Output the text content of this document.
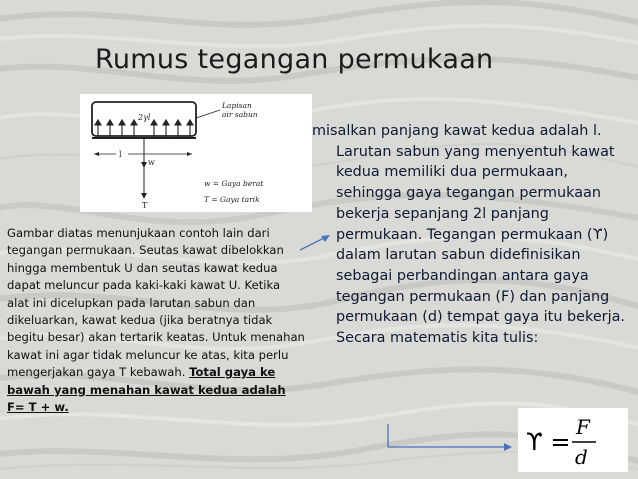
Rumus tegangan permukaan
2γl
Lapisan
air sabun
l
w
T
w = Gaya berat
T = Gaya tarik
Gambar diatas menunjukaan contoh lain dari tegangan permukaan. Seutas kawat dibelokkan hingga membentuk U dan seutas kawat kedua dapat meluncur pada kaki-kaki kawat U. Ketika alat ini dicelupkan pada larutan sabun dan dikeluarkan, kawat kedua (jika beratnya tidak begitu besar) akan tertarik keatas. Untuk menahan kawat ini agar tidak meluncur ke atas, kita perlu mengerjakan gaya T kebawah. Total gaya ke bawah yang menahan kawat kedua adalah F= T + w.
misalkan panjang kawat kedua adalah l. Larutan sabun yang menyentuh kawat kedua memiliki dua permukaan, sehingga gaya tegangan permukaan bekerja sepanjang 2l panjang permukaan. Tegangan permukaan (ϒ) dalam larutan sabun didefinisikan sebagai perbandingan antara gaya tegangan permukaan (F) dan panjang permukaan (d) tempat gaya itu bekerja. Secara matematis kita tulis:
ϒ =
F
d
